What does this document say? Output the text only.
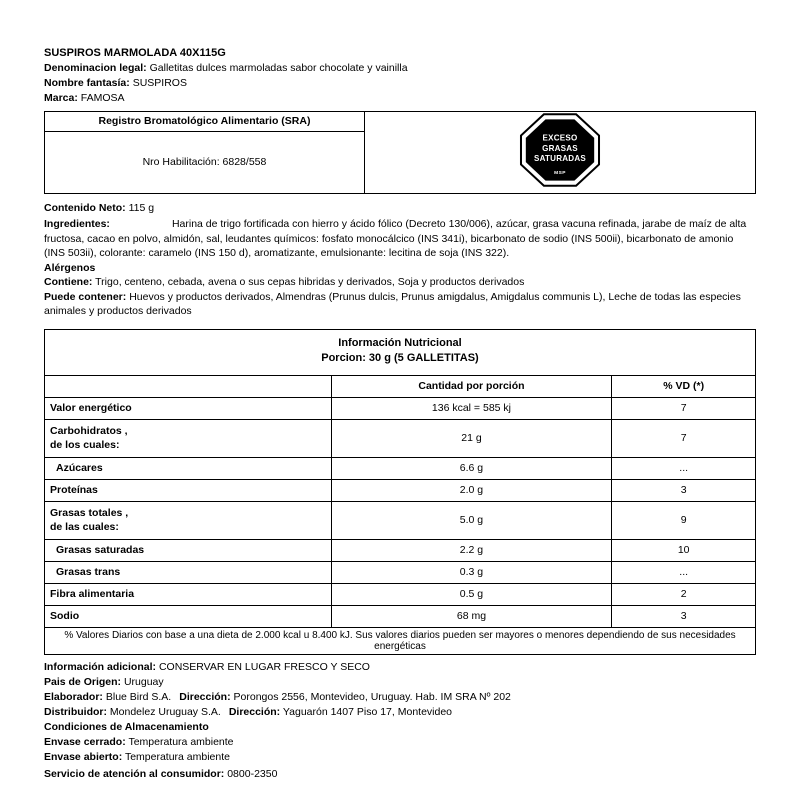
SUSPIROS MARMOLADA 40X115G
Denominacion legal: Galletitas dulces marmoladas sabor chocolate y vainilla
Nombre fantasía: SUSPIROS
Marca: FAMOSA
Registro Bromatológico Alimentario (SRA)	
EXCESO
GRASAS
SATURADAS
MSP

Nro Habilitación: 6828/558
Contenido Neto: 115 g
Ingredientes:	Harina de trigo fortificada con hierro y ácido fólico (Decreto 130/006), azúcar, grasa vacuna refinada, jarabe de maíz de alta fructosa, cacao en polvo, almidón, sal, leudantes químicos: fosfato monocálcico (INS 341i), bicarbonato de sodio (INS 500ii), bicarbonato de amonio (INS 503ii), colorante: caramelo (INS 150 d), aromatizante, emulsionante: lecitina de soja (INS 322).
Alérgenos
Contiene: Trigo, centeno, cebada, avena o sus cepas hibridas y derivados, Soja y productos derivados
Puede contener: Huevos y productos derivados, Almendras (Prunus dulcis, Prunus amigdalus, Amigdalus communis L), Leche de todas las especies animales y productos derivados
Información Nutricional
Porcion: 30 g (5 GALLETITAS)		

	Cantidad por porción	% VD (*)
Valor energético	136 kcal = 585 kj	7

Carbohidratos ,
de los cuales:	21 g	7
Azúcares	6.6 g	...
Proteínas	2.0 g	3

Grasas totales ,
de las cuales:	5.0 g	9
Grasas saturadas	2.2 g	10
Grasas trans	0.3 g	...
Fibra alimentaria	0.5 g	2
Sodio	68 mg	3
% Valores Diarios con base a una dieta de 2.000 kcal u 8.400 kJ. Sus valores diarios pueden ser mayores o menores dependiendo de sus necesidades energéticas		
Información adicional: CONSERVAR EN LUGAR FRESCO Y SECO
Pais de Origen: Uruguay
Elaborador: Blue Bird S.A. Dirección: Porongos 2556, Montevideo, Uruguay. Hab. IM SRA Nº 202
Distribuidor: Mondelez Uruguay S.A. Dirección: Yaguarón 1407 Piso 17, Montevideo
Condiciones de Almacenamiento
Envase cerrado: Temperatura ambiente
Envase abierto: Temperatura ambiente
Servicio de atención al consumidor: 0800-2350
